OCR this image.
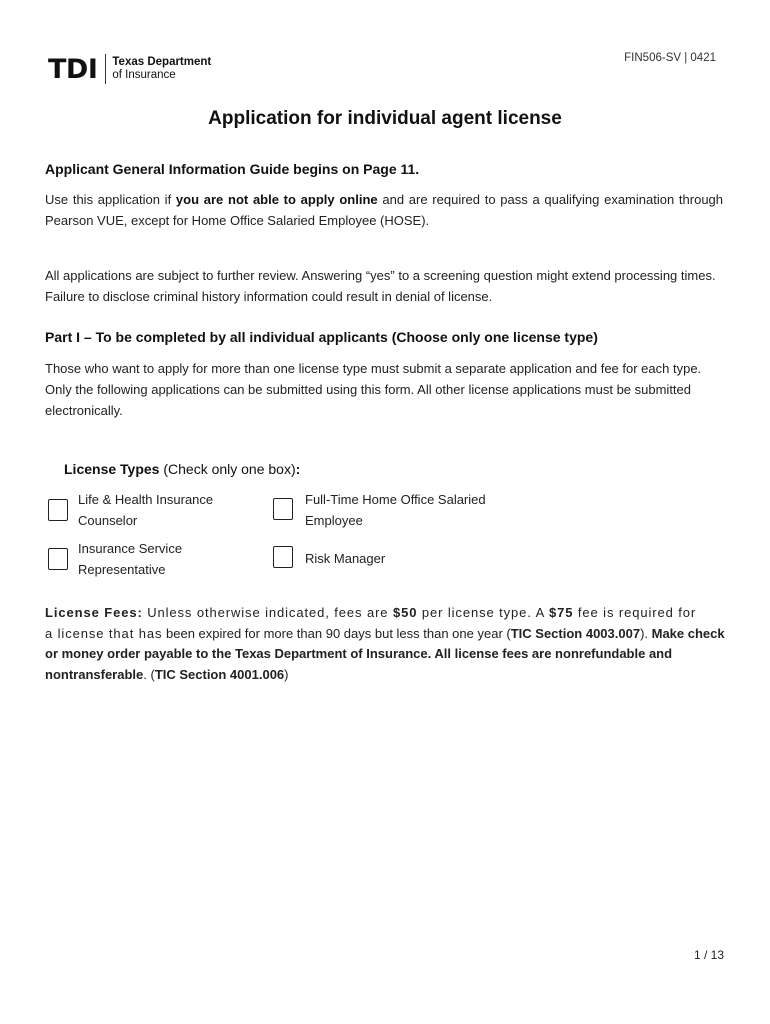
TDI Texas Department
of Insurance
FIN506-SV | 0421
Application for individual agent license
Applicant General Information Guide begins on Page 11.
Use this application if you are not able to apply online and are required to pass a qualifying examination through Pearson VUE, except for Home Office Salaried Employee (HOSE).
All applications are subject to further review. Answering “yes” to a screening question might extend processing times. Failure to disclose criminal history information could result in denial of license.
Part I – To be completed by all individual applicants (Choose only one license type)
Those who want to apply for more than one license type must submit a separate application and fee for each type. Only the following applications can be submitted using this form. All other license applications must be submitted electronically.
License Types (Check only one box):
Life & Health Insurance
Counselor
Full-Time Home Office Salaried
Employee
Insurance Service
Representative
Risk Manager
License Fees: Unless otherwise indicated, fees are $50 per license type. A $75 fee is required for
a license that has been expired for more than 90 days but less than one year (TIC Section 4003.007). Make check or money order payable to the Texas Department of Insurance. All license fees are nonrefundable and nontransferable. (TIC Section 4001.006)
1 / 13
